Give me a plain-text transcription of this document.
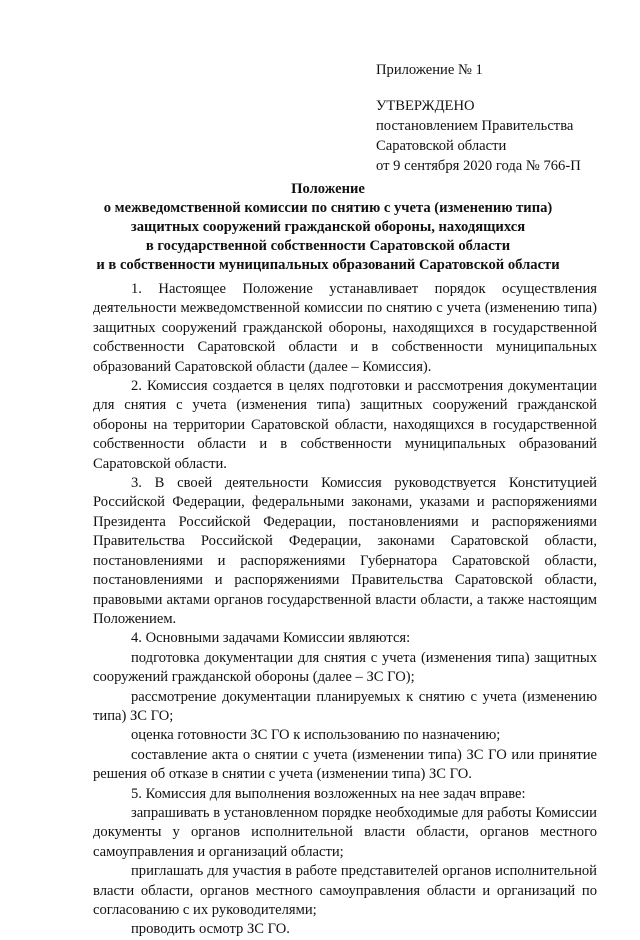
Приложение № 1
УТВЕРЖДЕНО
постановлением Правительства
Саратовской области
от 9 сентября 2020 года № 766-П
Положение
о межведомственной комиссии по снятию с учета (изменению типа)
защитных сооружений гражданской обороны, находящихся
в государственной собственности Саратовской области
и в собственности муниципальных образований Саратовской области

1. Настоящее Положение устанавливает порядок осуществления деятельности межведомственной комиссии по снятию с учета (изменению типа) защитных сооружений гражданской обороны, находящихся в государственной собственности Саратовской области и в собственности муниципальных образований Саратовской области (далее – Комиссия).

2. Комиссия создается в целях подготовки и рассмотрения документации для снятия с учета (изменения типа) защитных сооружений гражданской обороны на территории Саратовской области, находящихся в государственной собственности области и в собственности муниципальных образований Саратовской области.

3. В своей деятельности Комиссия руководствуется Конституцией Российской Федерации, федеральными законами, указами и распоряжениями Президента Российской Федерации, постановлениями и распоряжениями Правительства Российской Федерации, законами Саратовской области, постановлениями и распоряжениями Губернатора Саратовской области, постановлениями и распоряжениями Правительства Саратовской области, правовыми актами органов государственной власти области, а также настоящим Положением.

4. Основными задачами Комиссии являются:

подготовка документации для снятия с учета (изменения типа) защитных сооружений гражданской обороны (далее – ЗС ГО);

рассмотрение документации планируемых к снятию с учета (изменению типа) ЗС ГО;

оценка готовности ЗС ГО к использованию по назначению;

составление акта о снятии с учета (изменении типа) ЗС ГО или принятие решения об отказе в снятии с учета (изменении типа) ЗС ГО.

5. Комиссия для выполнения возложенных на нее задач вправе:

запрашивать в установленном порядке необходимые для работы Комиссии документы у органов исполнительной власти области, органов местного самоуправления и организаций области;

приглашать для участия в работе представителей органов исполнительной власти области, органов местного самоуправления области и организаций по согласованию с их руководителями;

проводить осмотр ЗС ГО.
